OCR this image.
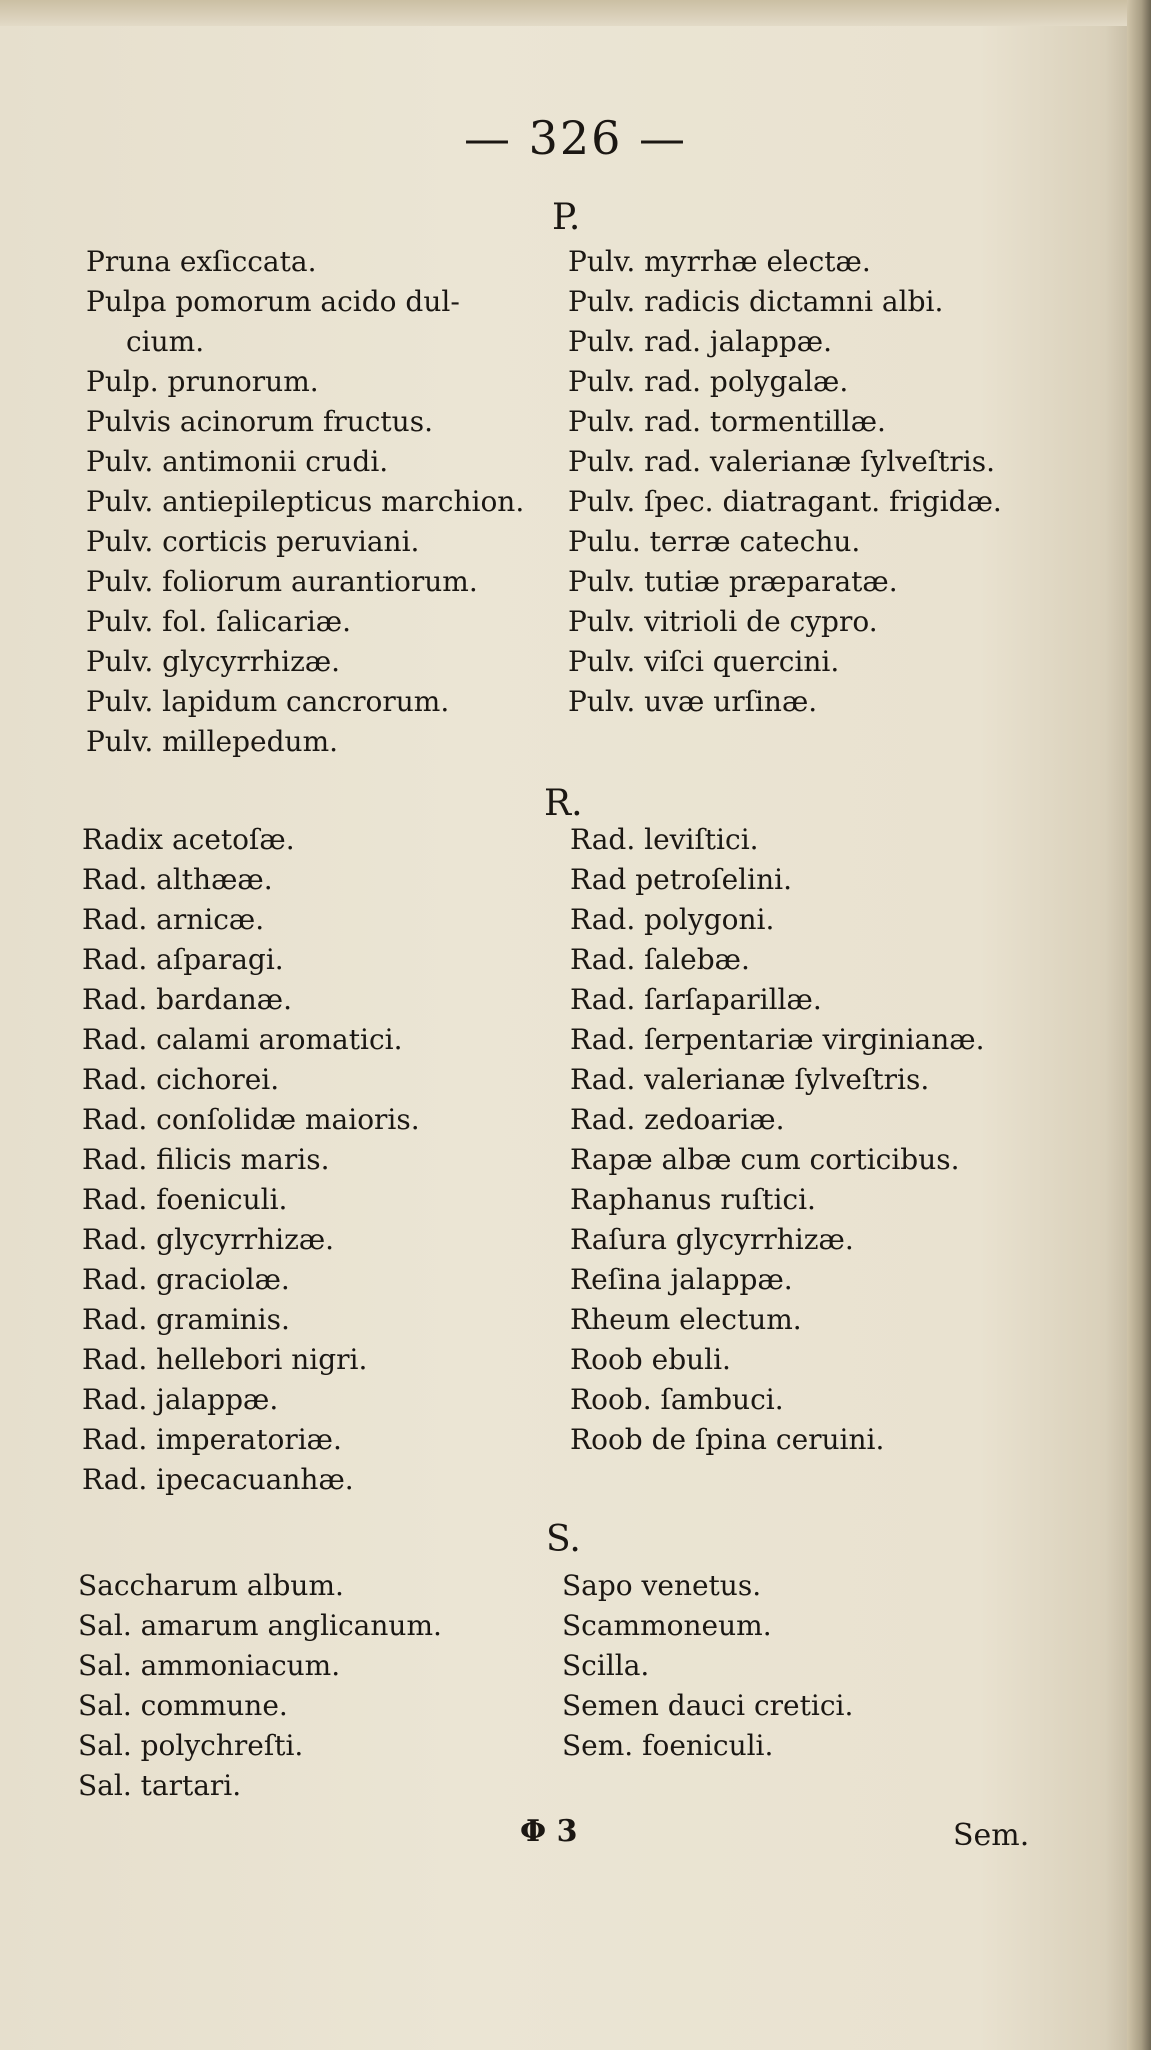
— 326 —
P.
Pruna exſiccata.
Pulpa pomorum acido dul-
cium.
Pulp. prunorum.
Pulvis acinorum fructus.
Pulv. antimonii crudi.
Pulv. antiepilepticus marchion.
Pulv. corticis peruviani.
Pulv. foliorum aurantiorum.
Pulv. fol. ſalicariæ.
Pulv. glycyrrhizæ.
Pulv. lapidum cancrorum.
Pulv. millepedum.
Pulv. myrrhæ electæ.
Pulv. radicis dictamni albi.
Pulv. rad. jalappæ.
Pulv. rad. polygalæ.
Pulv. rad. tormentillæ.
Pulv. rad. valerianæ ſylveſtris.
Pulv. ſpec. diatragant. frigidæ.
Pulu. terræ catechu.
Pulv. tutiæ præparatæ.
Pulv. vitrioli de cypro.
Pulv. viſci quercini.
Pulv. uvæ urſinæ.
R.
Radix acetoſæ.
Rad. althææ.
Rad. arnicæ.
Rad. aſparagi.
Rad. bardanæ.
Rad. calami aromatici.
Rad. cichorei.
Rad. conſolidæ maioris.
Rad. filicis maris.
Rad. foeniculi.
Rad. glycyrrhizæ.
Rad. graciolæ.
Rad. graminis.
Rad. hellebori nigri.
Rad. jalappæ.
Rad. imperatoriæ.
Rad. ipecacuanhæ.
Rad. leviſtici.
Rad petroſelini.
Rad. polygoni.
Rad. ſalebæ.
Rad. ſarſaparillæ.
Rad. ſerpentariæ virginianæ.
Rad. valerianæ ſylveſtris.
Rad. zedoariæ.
Rapæ albæ cum corticibus.
Raphanus ruſtici.
Raſura glycyrrhizæ.
Reſina jalappæ.
Rheum electum.
Roob ebuli.
Roob. ſambuci.
Roob de ſpina ceruini.
S.
Saccharum album.
Sal. amarum anglicanum.
Sal. ammoniacum.
Sal. commune.
Sal. polychreſti.
Sal. tartari.
Sapo venetus.
Scammoneum.
Scilla.
Semen dauci cretici.
Sem. foeniculi.
Φ 3	Sem.
